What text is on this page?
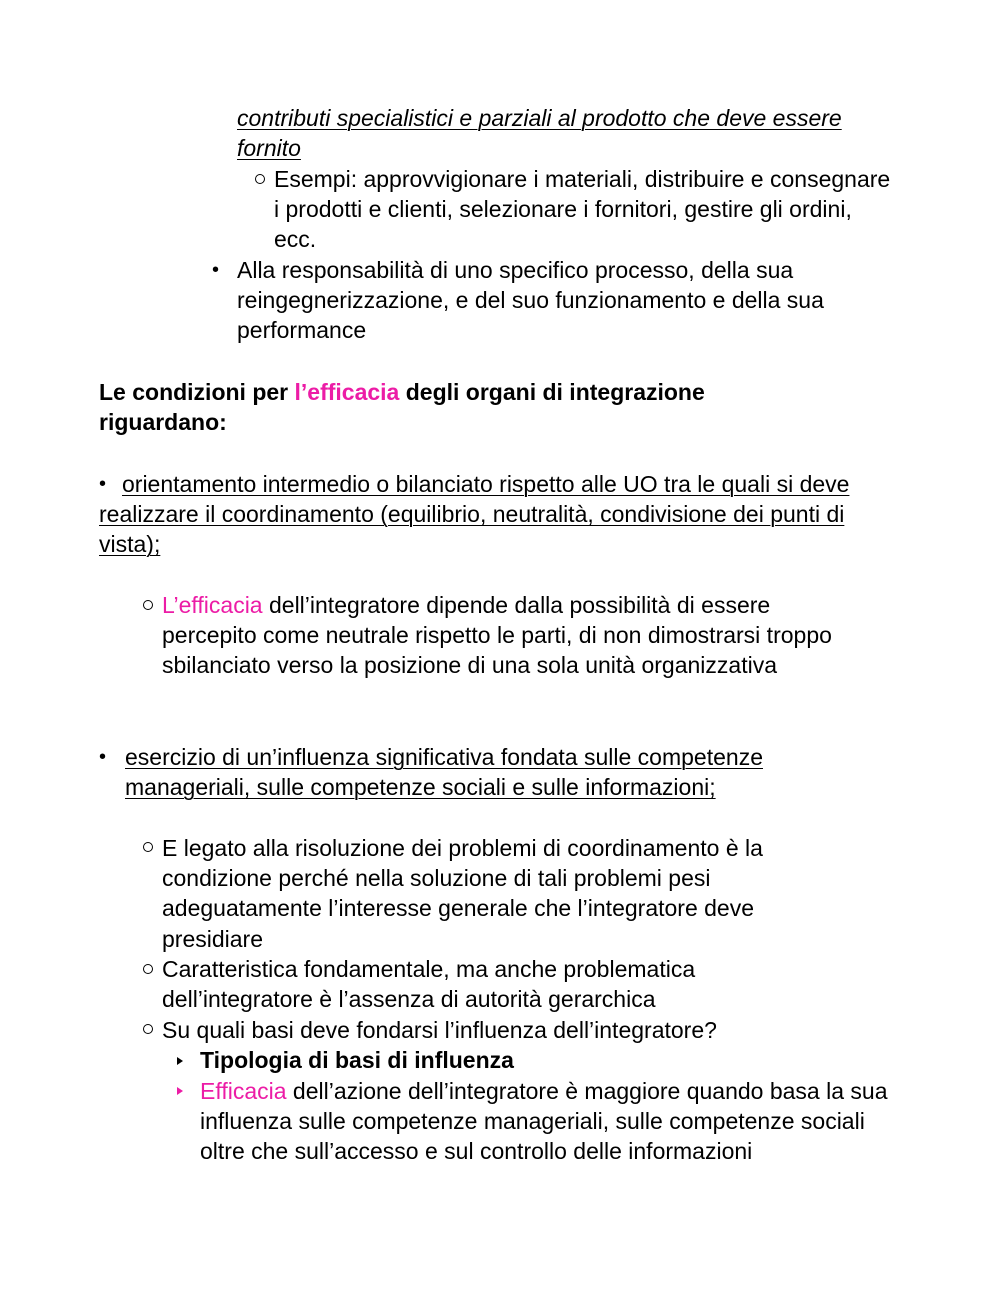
contributi specialistici e parziali al prodotto che deve essere fornito

Esempi: approvvigionare i materiali, distribuire e consegnare i prodotti e clienti, selezionare i fornitori, gestire gli ordini, ecc.

• Alla responsabilità di uno specifico processo, della sua reingegnerizzazione, e del suo funzionamento e della sua performance

Le condizioni per l’efficacia degli organi di integrazione riguardano:

• orientamento intermedio o bilanciato rispetto alle UO tra le quali si deve realizzare il coordinamento (equilibrio, neutralità, condivisione dei punti di vista);

L’efficacia dell’integratore dipende dalla possibilità di essere percepito come neutrale rispetto le parti, di non dimostrarsi troppo sbilanciato verso la posizione di una sola unità organizzativa

• esercizio di un’influenza significativa fondata sulle competenze manageriali, sulle competenze sociali e sulle informazioni;

E legato alla risoluzione dei problemi di coordinamento è la condizione perché nella soluzione di tali problemi pesi adeguatamente l’interesse generale che l’integratore deve presidiare

Caratteristica fondamentale, ma anche problematica dell’integratore è l’assenza di autorità gerarchica

Su quali basi deve fondarsi l’influenza dell’integratore?

Tipologia di basi di influenza

Efficacia dell’azione dell’integratore è maggiore quando basa la sua influenza sulle competenze manageriali, sulle competenze sociali oltre che sull’accesso e sul controllo delle informazioni
